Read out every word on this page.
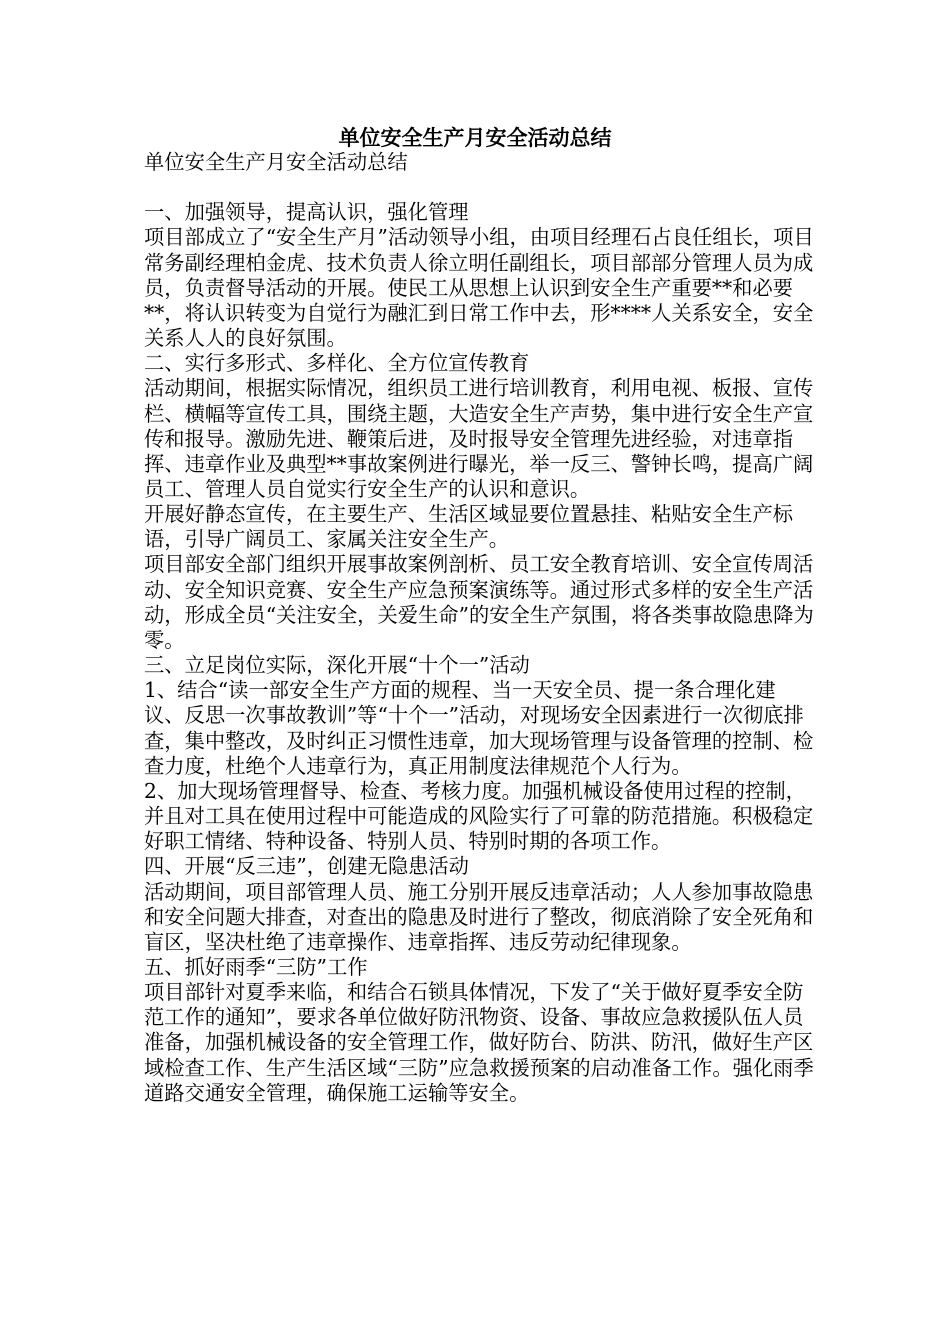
单位安全生产月安全活动总结

单位安全生产月安全活动总结

一、加强领导，提高认识，强化管理

项目部成立了“安全生产月”活动领导小组，由项目经理石占良任组长，项目常务副经理柏金虎、技术负责人徐立明任副组长，项目部部分管理人员为成员，负责督导活动的开展。使民工从思想上认识到安全生产重要**和必要**，将认识转变为自觉行为融汇到日常工作中去，形****人关系安全，安全关系人人的良好氛围。

二、实行多形式、多样化、全方位宣传教育

活动期间，根据实际情况，组织员工进行培训教育，利用电视、板报、宣传栏、横幅等宣传工具，围绕主题，大造安全生产声势，集中进行安全生产宣传和报导。激励先进、鞭策后进，及时报导安全管理先进经验，对违章指挥、违章作业及典型**事故案例进行曝光，举一反三、警钟长鸣，提高广阔员工、管理人员自觉实行安全生产的认识和意识。

开展好静态宣传，在主要生产、生活区域显要位置悬挂、粘贴安全生产标语，引导广阔员工、家属关注安全生产。

项目部安全部门组织开展事故案例剖析、员工安全教育培训、安全宣传周活动、安全知识竞赛、安全生产应急预案演练等。通过形式多样的安全生产活动，形成全员“关注安全，关爱生命”的安全生产氛围，将各类事故隐患降为零。

三、立足岗位实际，深化开展“十个一”活动

1、结合“读一部安全生产方面的规程、当一天安全员、提一条合理化建议、反思一次事故教训”等“十个一”活动，对现场安全因素进行一次彻底排查，集中整改，及时纠正习惯性违章，加大现场管理与设备管理的控制、检查力度，杜绝个人违章行为，真正用制度法律规范个人行为。

2、加大现场管理督导、检查、考核力度。加强机械设备使用过程的控制，并且对工具在使用过程中可能造成的风险实行了可靠的防范措施。积极稳定好职工情绪、特种设备、特别人员、特别时期的各项工作。

四、开展“反三违”，创建无隐患活动

活动期间，项目部管理人员、施工分别开展反违章活动；人人参加事故隐患和安全问题大排查，对查出的隐患及时进行了整改，彻底消除了安全死角和盲区，坚决杜绝了违章操作、违章指挥、违反劳动纪律现象。

五、抓好雨季“三防”工作

项目部针对夏季来临，和结合石锁具体情况，下发了“关于做好夏季安全防范工作的通知”，要求各单位做好防汛物资、设备、事故应急救援队伍人员准备，加强机械设备的安全管理工作，做好防台、防洪、防汛，做好生产区域检查工作、生产生活区域“三防”应急救援预案的启动准备工作。强化雨季道路交通安全管理，确保施工运输等安全。
